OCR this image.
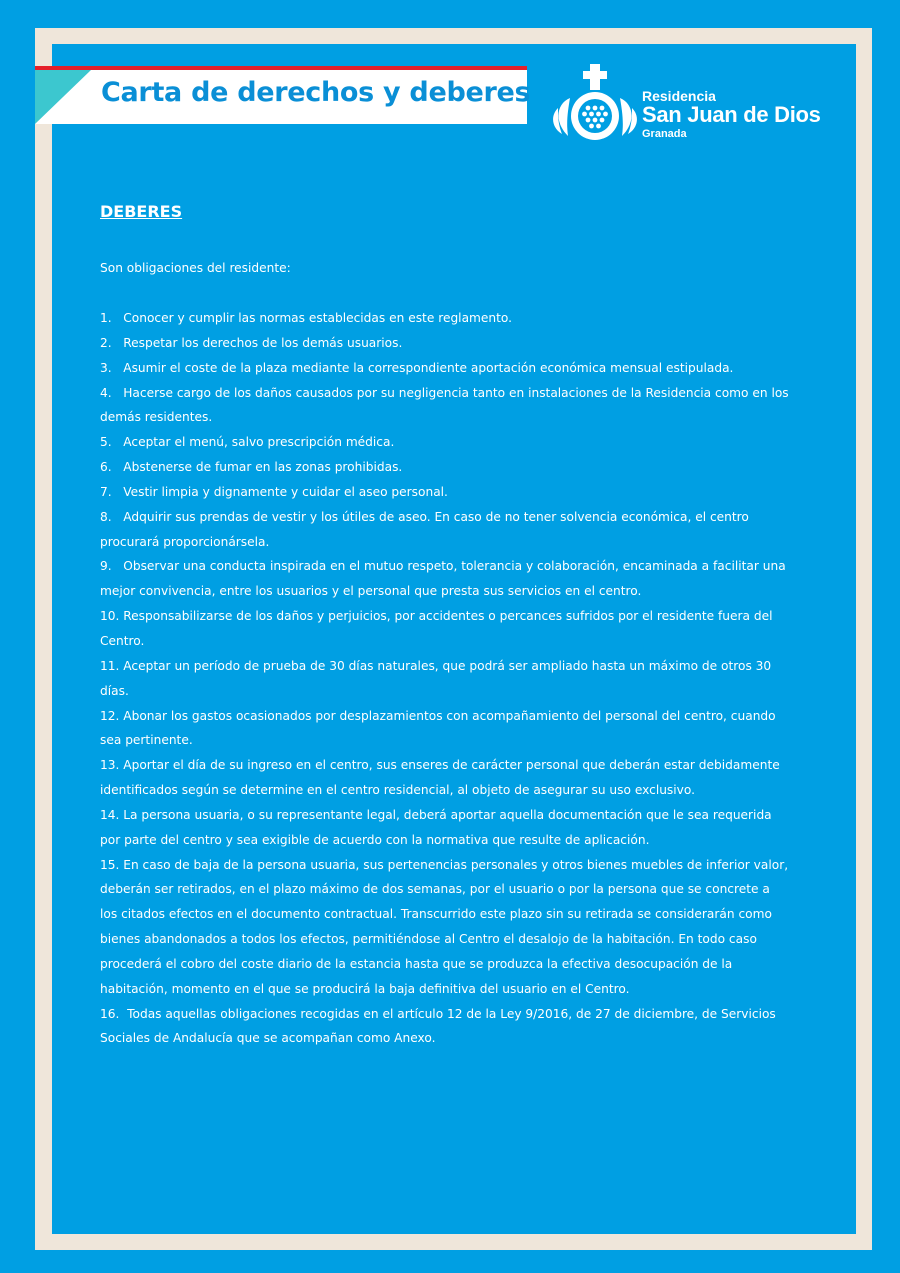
Carta de derechos y deberes	Residencia
San Juan de Dios
Granada
DEBERES
Son obligaciones del residente:
1.   Conocer y cumplir las normas establecidas en este reglamento.
2.   Respetar los derechos de los demás usuarios.
3.   Asumir el coste de la plaza mediante la correspondiente aportación económica mensual estipulada.
4.   Hacerse cargo de los daños causados por su negligencia tanto en instalaciones de la Residencia como en los demás residentes.
5.   Aceptar el menú, salvo prescripción médica.
6.   Abstenerse de fumar en las zonas prohibidas.
7.   Vestir limpia y dignamente y cuidar el aseo personal.
8.   Adquirir sus prendas de vestir y los útiles de aseo. En caso de no tener solvencia económica, el centro procurará proporcionársela.
9.   Observar una conducta inspirada en el mutuo respeto, tolerancia y colaboración, encaminada a facilitar una mejor convivencia, entre los usuarios y el personal que presta sus servicios en el centro.
10. Responsabilizarse de los daños y perjuicios, por accidentes o percances sufridos por el residente fuera del Centro.
11. Aceptar un período de prueba de 30 días naturales, que podrá ser ampliado hasta un máximo de otros 30 días.
12. Abonar los gastos ocasionados por desplazamientos con acompañamiento del personal del centro, cuando sea pertinente.
13. Aportar el día de su ingreso en el centro, sus enseres de carácter personal que deberán estar debidamente identificados según se determine en el centro residencial, al objeto de asegurar su uso exclusivo.
14. La persona usuaria, o su representante legal, deberá aportar aquella documentación que le sea requerida por parte del centro y sea exigible de acuerdo con la normativa que resulte de aplicación.
15. En caso de baja de la persona usuaria, sus pertenencias personales y otros bienes muebles de inferior valor, deberán ser retirados, en el plazo máximo de dos semanas, por el usuario o por la persona que se concrete a los citados efectos en el documento contractual. Transcurrido este plazo sin su retirada se considerarán como bienes abandonados a todos los efectos, permitiéndose al Centro el desalojo de la habitación. En todo caso procederá el cobro del coste diario de la estancia hasta que se produzca la efectiva desocupación de la habitación, momento en el que se producirá la baja definitiva del usuario en el Centro.
16.  Todas aquellas obligaciones recogidas en el artículo 12 de la Ley 9/2016, de 27 de diciembre, de Servicios Sociales de Andalucía que se acompañan como Anexo.
